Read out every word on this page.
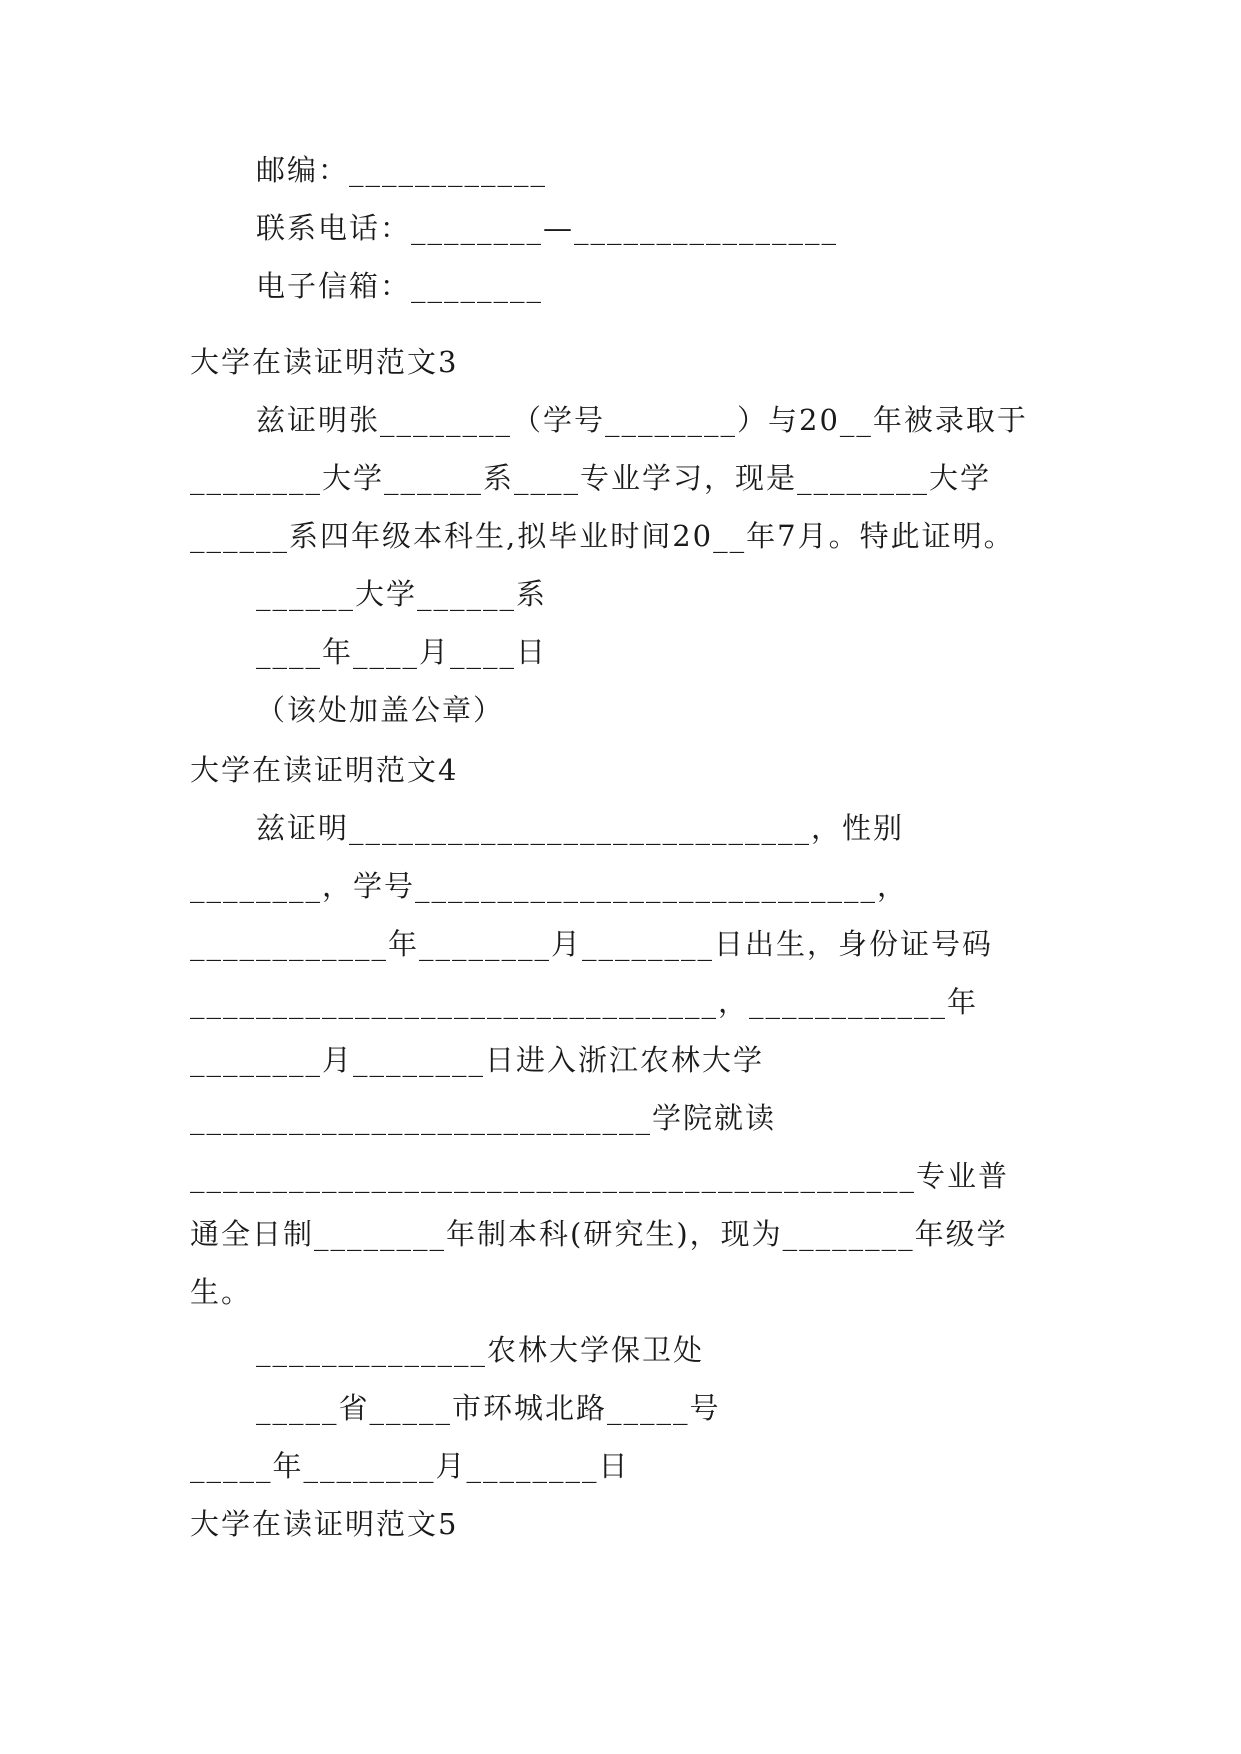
邮编：____________
联系电话：________—________________
电子信箱：________
大学在读证明范文3
兹证明张________（学号________）与20__年被录取于
________大学______系____专业学习，现是________大学
______系四年级本科生,拟毕业时间20__年7月。特此证明。
______大学______系
____年____月____日
（该处加盖公章）
大学在读证明范文4
兹证明____________________________，性别
________，学号____________________________，
____________年________月________日出生，身份证号码
________________________________，____________年
________月________日进入浙江农林大学
____________________________学院就读
____________________________________________专业普
通全日制________年制本科(研究生)，现为________年级学
生。
______________农林大学保卫处
_____省_____市环城北路_____号
_____年________月________日
大学在读证明范文5
